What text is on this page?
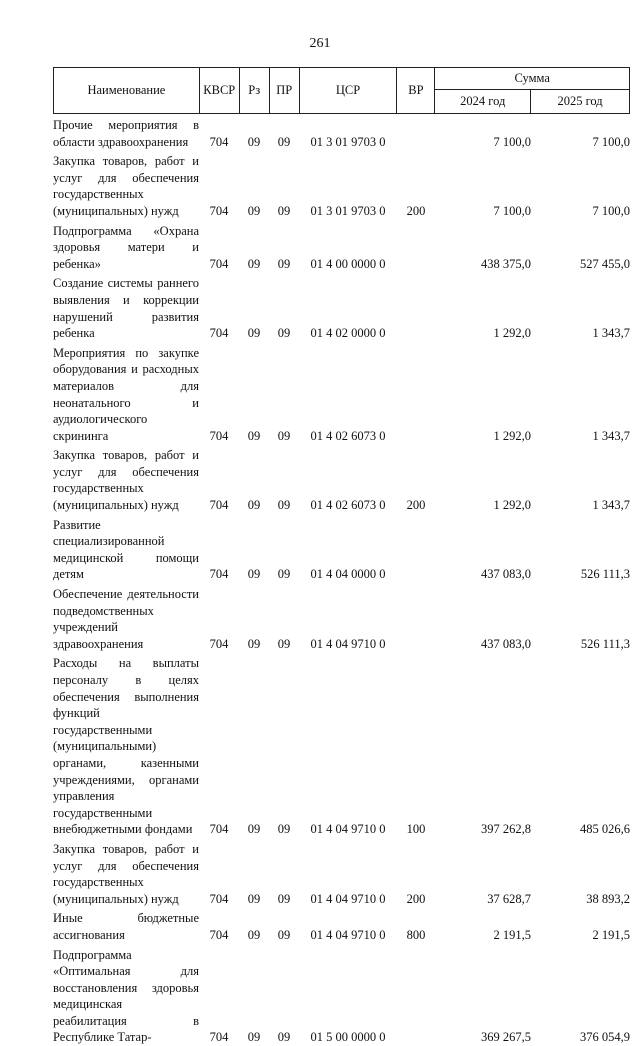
261
Наименование	КВСР	Рз	ПР	ЦСР	ВР	Сумма	
						2024 год	2025 год
Прочие мероприятия в области здравоохранения	704	09	09	01 3 01 9703 0		7 100,0	7 100,0
Закупка товаров, работ и услуг для обеспечения государственных (муниципальных) нужд	704	09	09	01 3 01 9703 0	200	7 100,0	7 100,0
Подпрограмма «Охрана здоровья матери и ребенка»	704	09	09	01 4 00 0000 0		438 375,0	527 455,0
Создание системы раннего выявления и коррекции нарушений развития ребенка	704	09	09	01 4 02 0000 0		1 292,0	1 343,7
Мероприятия по закупке оборудования и расходных материалов для неонатального и аудиологического скрининга	704	09	09	01 4 02 6073 0		1 292,0	1 343,7
Закупка товаров, работ и услуг для обеспечения государственных (муниципальных) нужд	704	09	09	01 4 02 6073 0	200	1 292,0	1 343,7
Развитие специализированной медицинской помощи детям	704	09	09	01 4 04 0000 0		437 083,0	526 111,3
Обеспечение деятельности подведомственных учреждений здравоохранения	704	09	09	01 4 04 9710 0		437 083,0	526 111,3
Расходы на выплаты персоналу в целях обеспечения выполнения функций государственными (муниципальными) органами, казенными учреждениями, органами управления государственными внебюджетными фондами	704	09	09	01 4 04 9710 0	100	397 262,8	485 026,6
Закупка товаров, работ и услуг для обеспечения государственных (муниципальных) нужд	704	09	09	01 4 04 9710 0	200	37 628,7	38 893,2
Иные бюджетные ассигнования	704	09	09	01 4 04 9710 0	800	2 191,5	2 191,5
Подпрограмма «Оптимальная для восстановления здоровья медицинская реабилитация в Республике Татар-	704	09	09	01 5 00 0000 0		369 267,5	376 054,9
